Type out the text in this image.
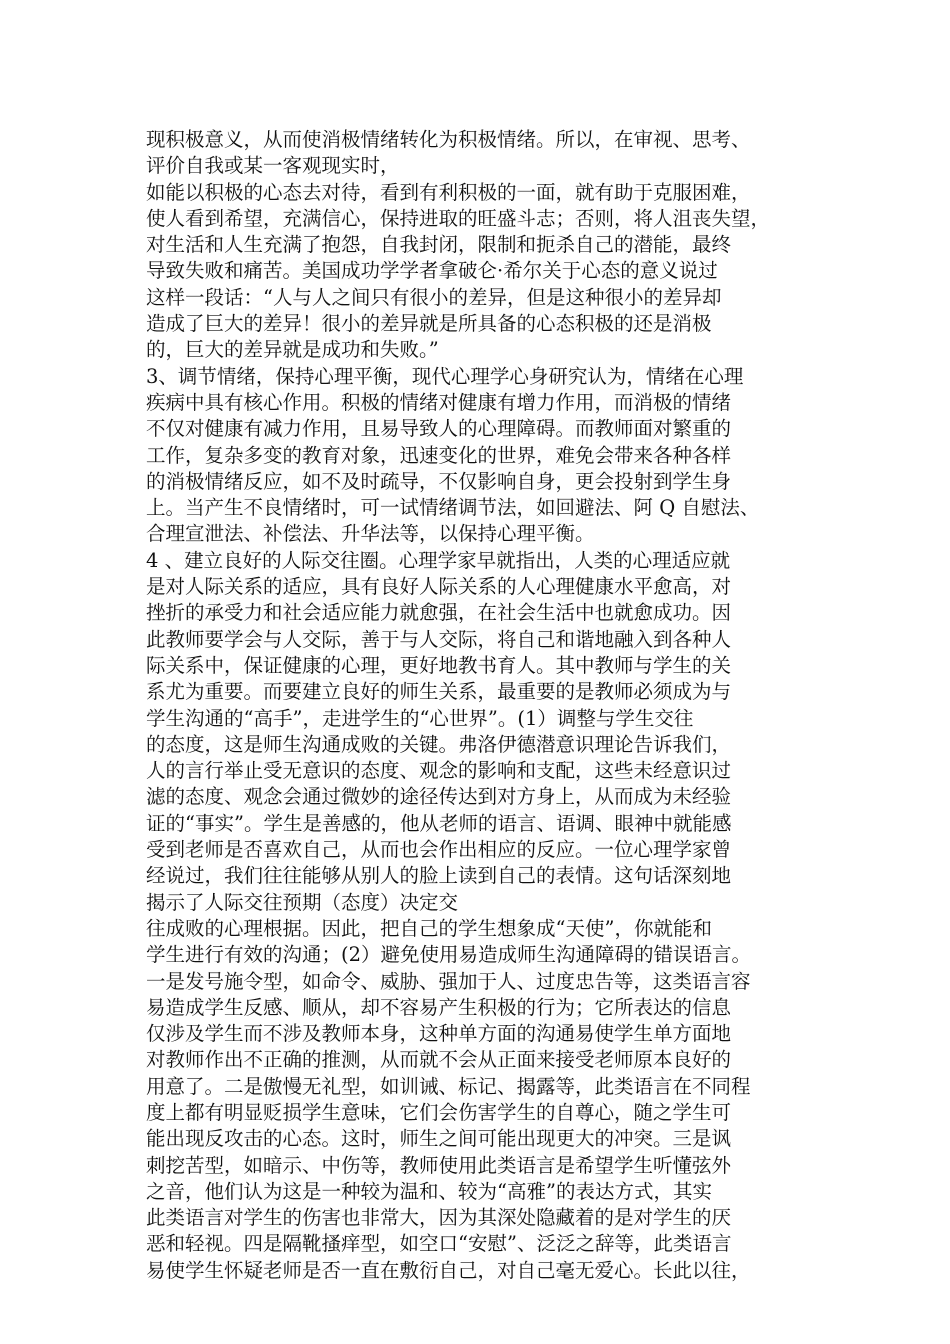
现积极意义，从而使消极情绪转化为积极情绪。所以，在审视、思考、
评价自我或某一客观现实时，
如能以积极的心态去对待，看到有利积极的一面，就有助于克服困难，
使人看到希望，充满信心，保持进取的旺盛斗志；否则，将人沮丧失望，
对生活和人生充满了抱怨，自我封闭，限制和扼杀自己的潜能，最终
导致失败和痛苦。美国成功学学者拿破仑·希尔关于心态的意义说过
这样一段话：“人与人之间只有很小的差异，但是这种很小的差异却
造成了巨大的差异！很小的差异就是所具备的心态积极的还是消极
的，巨大的差异就是成功和失败。”
3、调节情绪，保持心理平衡，现代心理学心身研究认为，情绪在心理
疾病中具有核心作用。积极的情绪对健康有增力作用，而消极的情绪
不仅对健康有减力作用，且易导致人的心理障碍。而教师面对繁重的
工作，复杂多变的教育对象，迅速变化的世界，难免会带来各种各样
的消极情绪反应，如不及时疏导，不仅影响自身，更会投射到学生身
上。当产生不良情绪时，可一试情绪调节法，如回避法、阿 Q 自慰法、
合理宣泄法、补偿法、升华法等，以保持心理平衡。
4 、建立良好的人际交往圈。心理学家早就指出，人类的心理适应就
是对人际关系的适应，具有良好人际关系的人心理健康水平愈高，对
挫折的承受力和社会适应能力就愈强，在社会生活中也就愈成功。因
此教师要学会与人交际，善于与人交际，将自己和谐地融入到各种人
际关系中，保证健康的心理，更好地教书育人。其中教师与学生的关
系尤为重要。而要建立良好的师生关系，最重要的是教师必须成为与
学生沟通的“高手”，走进学生的“心世界”。(1）调整与学生交往
的态度，这是师生沟通成败的关键。弗洛伊德潜意识理论告诉我们，
人的言行举止受无意识的态度、观念的影响和支配，这些未经意识过
滤的态度、观念会通过微妙的途径传达到对方身上，从而成为未经验
证的“事实”。学生是善感的，他从老师的语言、语调、眼神中就能感
受到老师是否喜欢自己，从而也会作出相应的反应。一位心理学家曾
经说过，我们往往能够从别人的脸上读到自己的表情。这句话深刻地
揭示了人际交往预期（态度）决定交
往成败的心理根据。因此，把自己的学生想象成“天使”，你就能和
学生进行有效的沟通；(2）避免使用易造成师生沟通障碍的错误语言。
一是发号施令型，如命令、威胁、强加于人、过度忠告等，这类语言容
易造成学生反感、顺从，却不容易产生积极的行为；它所表达的信息
仅涉及学生而不涉及教师本身，这种单方面的沟通易使学生单方面地
对教师作出不正确的推测，从而就不会从正面来接受老师原本良好的
用意了。二是傲慢无礼型，如训诫、标记、揭露等，此类语言在不同程
度上都有明显贬损学生意味，它们会伤害学生的自尊心，随之学生可
能出现反攻击的心态。这时，师生之间可能出现更大的冲突。三是讽
刺挖苦型，如暗示、中伤等，教师使用此类语言是希望学生听懂弦外
之音，他们认为这是一种较为温和、较为“高雅”的表达方式，其实
此类语言对学生的伤害也非常大，因为其深处隐藏着的是对学生的厌
恶和轻视。四是隔靴搔痒型，如空口“安慰”、泛泛之辞等，此类语言
易使学生怀疑老师是否一直在敷衍自己，对自己毫无爱心。长此以往，
